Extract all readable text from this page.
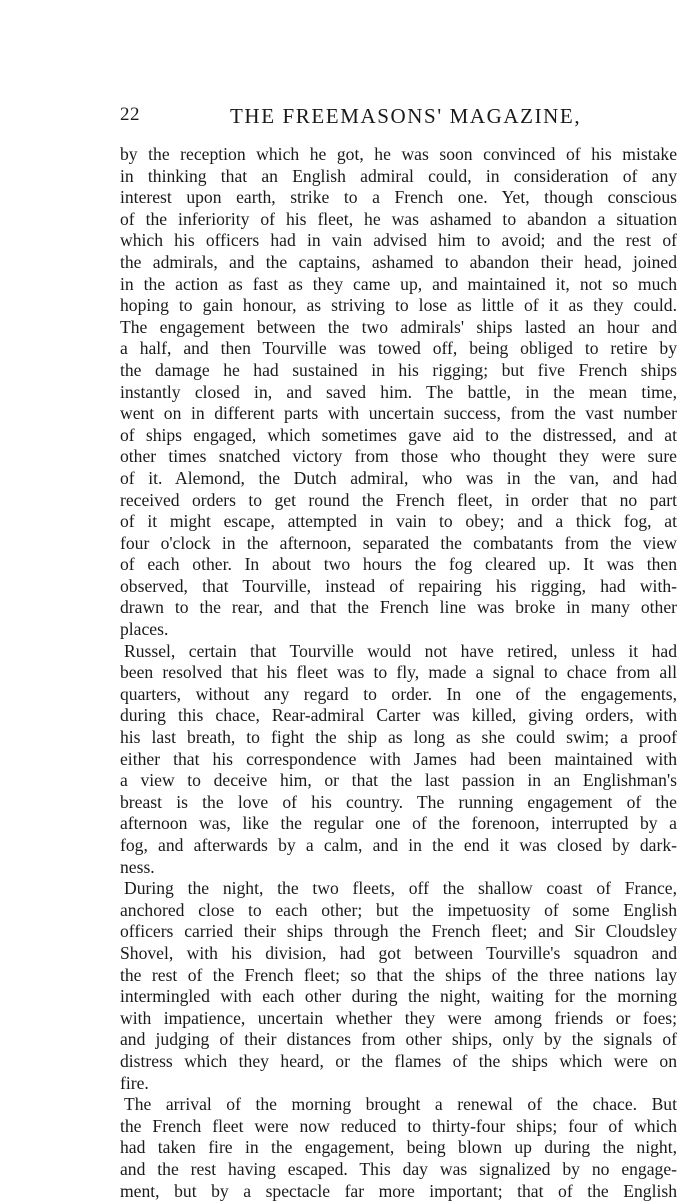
22	THE FREEMASONS' MAGAZINE,
by the reception which he got, he was soon convinced of his mistake
in thinking that an English admiral could, in consideration of any
interest upon earth, strike to a French one. Yet, though conscious
of the inferiority of his fleet, he was ashamed to abandon a situation
which his officers had in vain advised him to avoid; and the rest of
the admirals, and the captains, ashamed to abandon their head, joined
in the action as fast as they came up, and maintained it, not so much
hoping to gain honour, as striving to lose as little of it as they could.
The engagement between the two admirals' ships lasted an hour and
a half, and then Tourville was towed off, being obliged to retire by
the damage he had sustained in his rigging; but five French ships
instantly closed in, and saved him. The battle, in the mean time,
went on in different parts with uncertain success, from the vast number
of ships engaged, which sometimes gave aid to the distressed, and at
other times snatched victory from those who thought they were sure
of it. Alemond, the Dutch admiral, who was in the van, and had
received orders to get round the French fleet, in order that no part
of it might escape, attempted in vain to obey; and a thick fog, at
four o'clock in the afternoon, separated the combatants from the view
of each other. In about two hours the fog cleared up. It was then
observed, that Tourville, instead of repairing his rigging, had with-
drawn to the rear, and that the French line was broke in many other
places.
Russel, certain that Tourville would not have retired, unless it had
been resolved that his fleet was to fly, made a signal to chace from all
quarters, without any regard to order. In one of the engagements,
during this chace, Rear-admiral Carter was killed, giving orders, with
his last breath, to fight the ship as long as she could swim; a proof
either that his correspondence with James had been maintained with
a view to deceive him, or that the last passion in an Englishman's
breast is the love of his country. The running engagement of the
afternoon was, like the regular one of the forenoon, interrupted by a
fog, and afterwards by a calm, and in the end it was closed by dark-
ness.
During the night, the two fleets, off the shallow coast of France,
anchored close to each other; but the impetuosity of some English
officers carried their ships through the French fleet; and Sir Cloudsley
Shovel, with his division, had got between Tourville's squadron and
the rest of the French fleet; so that the ships of the three nations lay
intermingled with each other during the night, waiting for the morning
with impatience, uncertain whether they were among friends or foes;
and judging of their distances from other ships, only by the signals of
distress which they heard, or the flames of the ships which were on
fire.
The arrival of the morning brought a renewal of the chace. But
the French fleet were now reduced to thirty-four ships; four of which
had taken fire in the engagement, being blown up during the night,
and the rest having escaped. This day was signalized by no engage-
ment, but by a spectacle far more important; that of the English
